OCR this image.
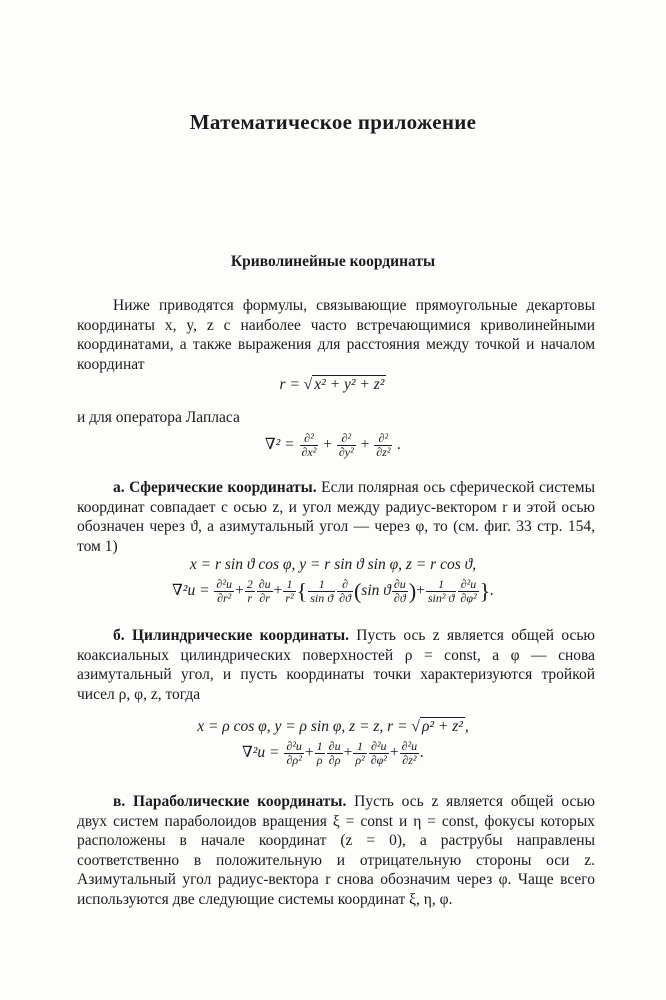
Математическое приложение
Криволинейные координаты
Ниже приводятся формулы, связывающие прямоугольные декартовы координаты x, y, z с наиболее часто встречающимися криволинейными координатами, а также выражения для расстояния между точкой и началом координат
r = √ x² + y² + z²
и для оператора Лапласа
$\nabla^2 = \frac{\text{∂²}}{\text{∂x²}} + \frac{\text{∂²}}{\text{∂y²}} + \frac{\text{∂²}}{\text{∂z²}}$ .
а. Сферические координаты. Если полярная ось сферической системы координат совпадает с осью z, и угол между радиус-вектором r и этой осью обозначен через ϑ, а азимутальный угол — через φ, то (см. фиг. 33 стр. 154, том 1)
x = r sin ϑ cos φ, y = r sin ϑ sin φ, z = r cos ϑ,
$\nabla^2u = \frac{\text{∂²u}}{\text{∂r²}} + \frac{2}{r} \frac{\partial u}{\partial r} + \frac{1}{\text{r²}}$ { $\frac{1}{\text{sin ϑ}} \frac{\partial}{\partial ϑ} (\sin$ ϑ $\frac{\partial u}{\partial ϑ}$ )+ $\frac{1}{\text{sin² ϑ}} \frac{\text{∂²u}}{\text{∂φ²}}$ }.
б. Цилиндрические координаты. Пусть ось z является общей осью коаксиальных цилиндрических поверхностей ρ = const, а φ — снова азимутальный угол, и пусть координаты точки характеризуются тройкой чисел ρ, φ, z, тогда
x = ρ cos φ, y = ρ sin φ, z = z, r = √ ρ² + z² ,
$\nabla^2u = \frac{\text{∂²u}}{\text{∂ρ²}} + \frac{1}{\rho} \frac{\partial u}{\partial\rho} + \frac{1}{\text{ρ²}} \frac{\text{∂²u}}{\text{∂φ²}} + \frac{\text{∂²u}}{\text{∂z²}}$ .
в. Параболические координаты. Пусть ось z является общей осью двух систем параболоидов вращения ξ = const и η = const, фокусы которых расположены в начале координат (z = 0), а раструбы направлены соответственно в положительную и отрицательную стороны оси z. Азимутальный угол радиус-вектора r снова обозначим через φ. Чаще всего используются две следующие системы координат ξ, η, φ.
